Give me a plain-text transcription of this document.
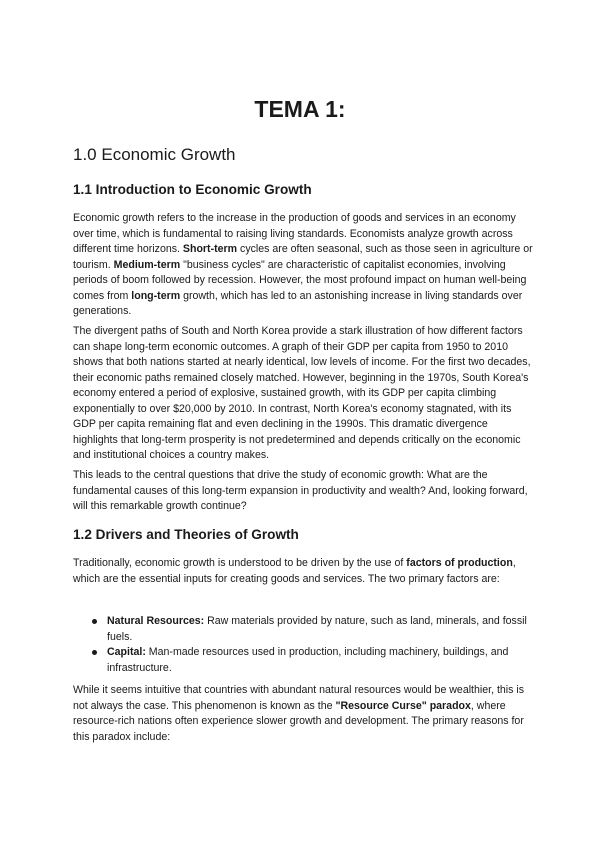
TEMA 1:
1.0 Economic Growth
1.1 Introduction to Economic Growth

Economic growth refers to the increase in the production of goods and services in an economy over time, which is fundamental to raising living standards. Economists analyze growth across different time horizons. Short-term cycles are often seasonal, such as those seen in agriculture or tourism. Medium-term "business cycles" are characteristic of capitalist economies, involving periods of boom followed by recession. However, the most profound impact on human well-being comes from long-term growth, which has led to an astonishing increase in living standards over generations.

The divergent paths of South and North Korea provide a stark illustration of how different factors can shape long-term economic outcomes. A graph of their GDP per capita from 1950 to 2010 shows that both nations started at nearly identical, low levels of income. For the first two decades, their economic paths remained closely matched. However, beginning in the 1970s, South Korea's economy entered a period of explosive, sustained growth, with its GDP per capita climbing exponentially to over $20,000 by 2010. In contrast, North Korea's economy stagnated, with its GDP per capita remaining flat and even declining in the 1990s. This dramatic divergence highlights that long-term prosperity is not predetermined and depends critically on the economic and institutional choices a country makes.

This leads to the central questions that drive the study of economic growth: What are the fundamental causes of this long-term expansion in productivity and wealth? And, looking forward, will this remarkable growth continue?

1.2 Drivers and Theories of Growth

Traditionally, economic growth is understood to be driven by the use of factors of production, which are the essential inputs for creating goods and services. The two primary factors are:

Natural Resources: Raw materials provided by nature, such as land, minerals, and fossil fuels.
Capital: Man-made resources used in production, including machinery, buildings, and infrastructure.

While it seems intuitive that countries with abundant natural resources would be wealthier, this is not always the case. This phenomenon is known as the "Resource Curse" paradox, where resource-rich nations often experience slower growth and development. The primary reasons for this paradox include:
